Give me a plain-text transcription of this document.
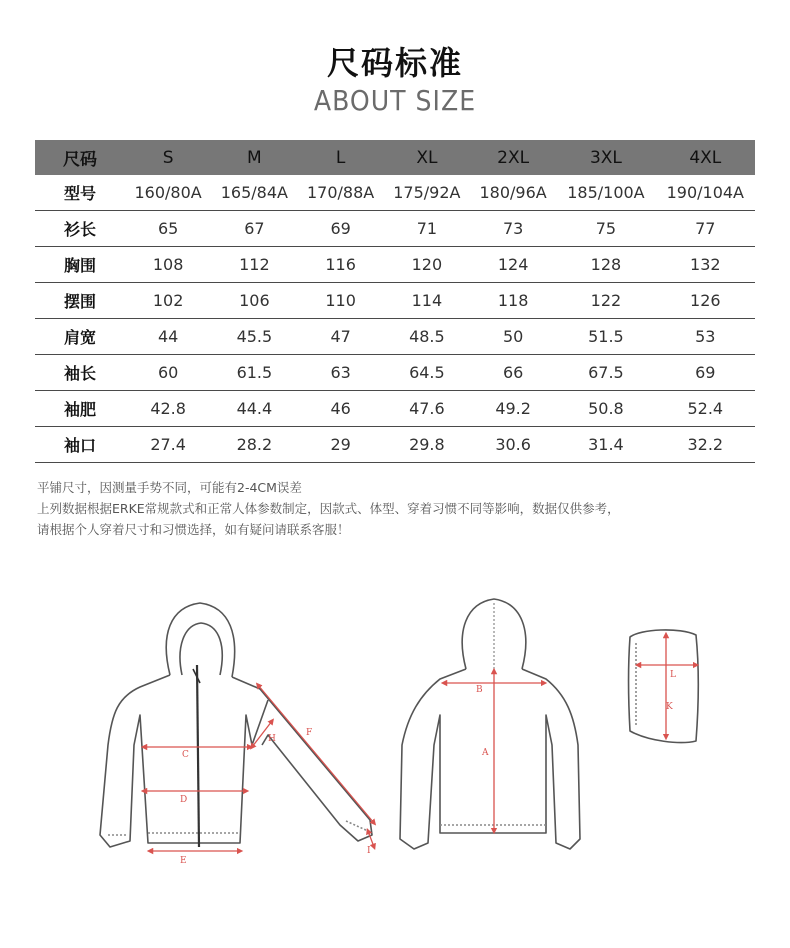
尺码标准
ABOUT SIZE
尺码	S	M	L	XL	2XL	3XL	4XL
型号	160/80A	165/84A	170/88A	175/92A	180/96A	185/100A	190/104A
衫长	65	67	69	71	73	75	77
胸围	108	112	116	120	124	128	132
摆围	102	106	110	114	118	122	126
肩宽	44	45.5	47	48.5	50	51.5	53
袖长	60	61.5	63	64.5	66	67.5	69
袖肥	42.8	44.4	46	47.6	49.2	50.8	52.4
袖口	27.4	28.2	29	29.8	30.6	31.4	32.2
平铺尺寸，因测量手势不同，可能有2-4CM误差
上列数据根据ERKE常规款式和正常人体参数制定，因款式、体型、穿着习惯不同等影响，数据仅供参考，
请根据个人穿着尺寸和习惯选择，如有疑问请联系客服！
C
D
E
F
H
I
B
A
L
K
